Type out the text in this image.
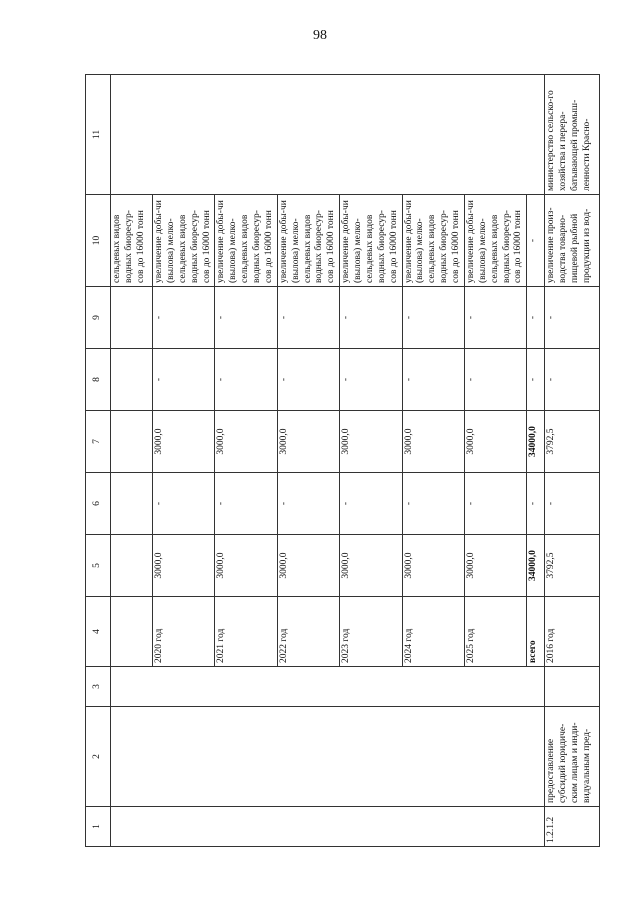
98
1	2	3	4	5	6	7	8	9	10	11
									сельдевых видов водных биоресур-сов до 16000 тонн	
			2020 год	3000,0	-	3000,0	-	-	увеличение добы-чи (вылова) мелко-сельдевых видов водных биоресур-сов до 16000 тонн	
			2021 год	3000,0	-	3000,0	-	-	увеличение добы-чи (вылова) мелко-сельдевых видов водных биоресур-сов до 16000 тонн	
			2022 год	3000,0	-	3000,0	-	-	увеличение добы-чи (вылова) мелко-сельдевых видов водных биоресур-сов до 16000 тонн	
			2023 год	3000,0	-	3000,0	-	-	увеличение добы-чи (вылова) мелко-сельдевых видов водных биоресур-сов до 16000 тонн	
			2024 год	3000,0	-	3000,0	-	-	увеличение добы-чи (вылова) мелко-сельдевых видов водных биоресур-сов до 16000 тонн	
			2025 год	3000,0	-	3000,0	-	-	увеличение добы-чи (вылова) мелко-сельдевых видов водных биоресур-сов до 16000 тонн	
			всего	34000,0	-	34000,0	-	-	-	
1.2.1.2	предоставление субсидий юридиче-ским лицам и инди-видуальным пред-		2016 год	3792,5	-	3792,5	-	-	увеличение произ-водства товарно-пищевой рыбной продукции из вод-	министерство сельско-го хозяйства и перера-батывающей промыш-ленности Красно-
